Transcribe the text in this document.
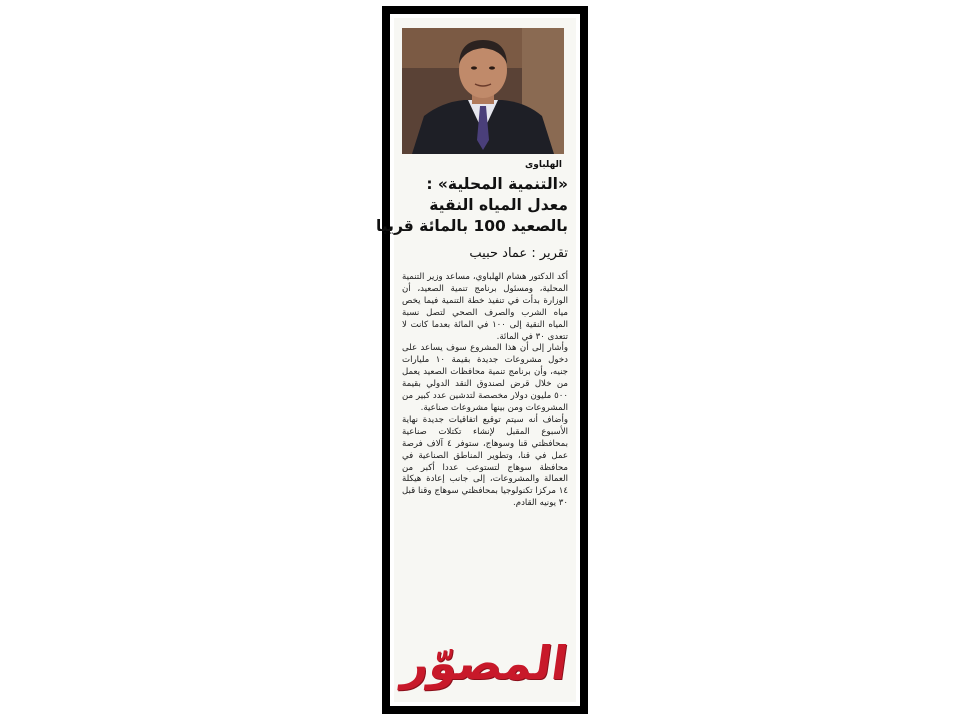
الهلباوى
«التنمية المحلية» :
معدل المياه النقية
بالصعيد 100 بالمائة قريبا
تقرير : عماد حبيب

أكد الدكتور هشام الهلباوي، مساعد وزير التنمية المحلية، ومسئول برنامج تنمية الصعيد، أن الوزارة بدأت في تنفيذ خطة التنمية فيما يخص مياه الشرب والصرف الصحي لتصل نسبة المياه النقية إلى ١٠٠ في المائة بعدما كانت لا تتعدى ٣٠ في المائة.

وأشار إلى أن هذا المشروع سوف يساعد على دخول مشروعات جديدة بقيمة ١٠ مليارات جنيه، وأن برنامج تنمية محافظات الصعيد يعمل من خلال قرض لصندوق النقد الدولي بقيمة ٥٠٠ مليون دولار مخصصة لتدشين عدد كبير من المشروعات ومن بينها مشروعات صناعية.

وأضاف أنه سيتم توقيع اتفاقيات جديدة نهاية الأسبوع المقبل لإنشاء تكتلات صناعية بمحافظتي قنا وسوهاج، ستوفر ٤ آلاف فرصة عمل في قنا، وتطوير المناطق الصناعية في محافظة سوهاج لتستوعب عددا أكبر من العمالة والمشروعات، إلى جانب إعادة هيكلة ١٤ مركزا تكنولوجيا بمحافظتي سوهاج وقنا قبل ٣٠ يونيه القادم.

المصوّر
